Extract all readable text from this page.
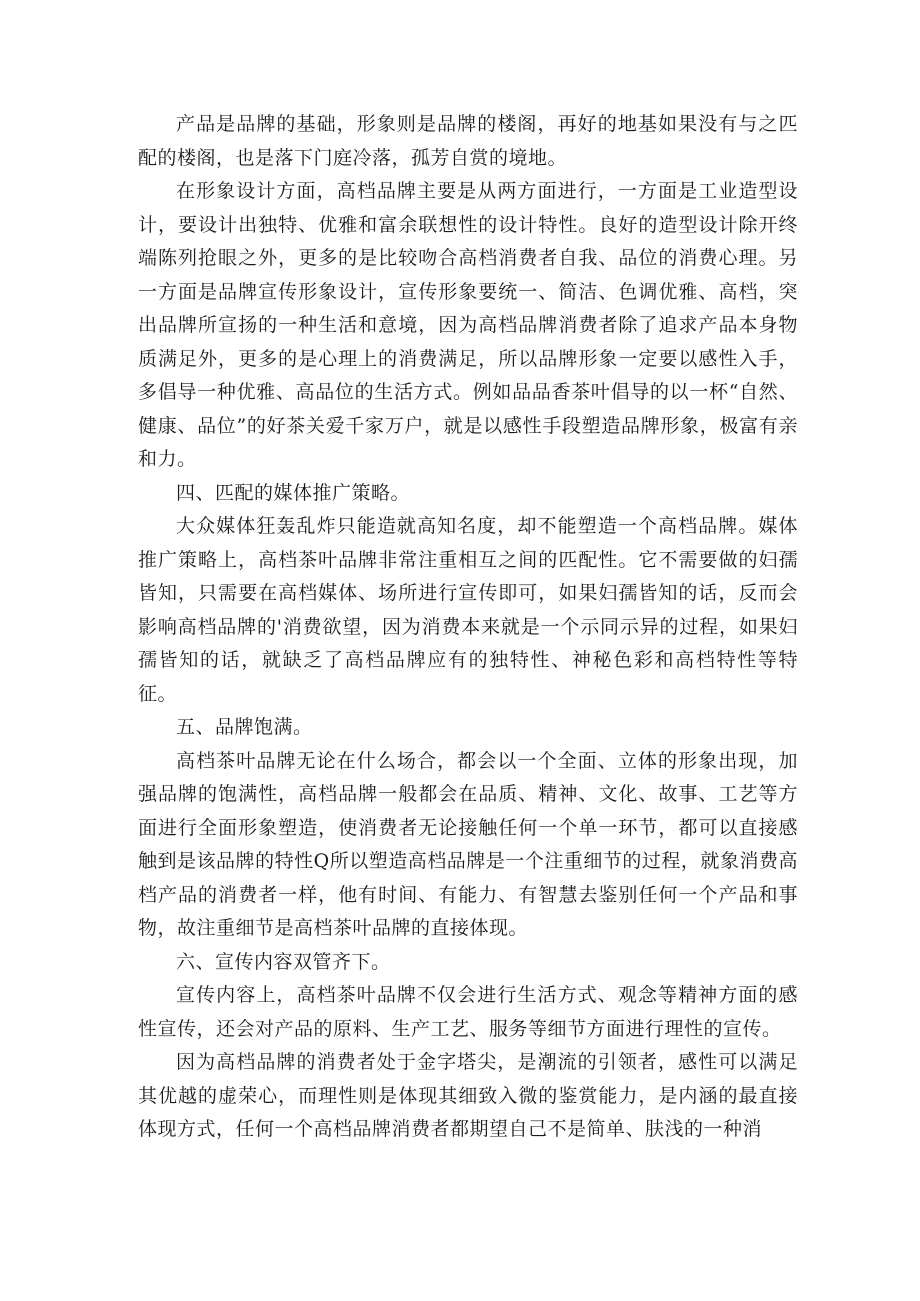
产品是品牌的基础，形象则是品牌的楼阁，再好的地基如果没有与之匹配的楼阁，也是落下门庭冷落，孤芳自赏的境地。

在形象设计方面，高档品牌主要是从两方面进行，一方面是工业造型设计，要设计出独特、优雅和富余联想性的设计特性。良好的造型设计除开终端陈列抢眼之外，更多的是比较吻合高档消费者自我、品位的消费心理。另一方面是品牌宣传形象设计，宣传形象要统一、简洁、色调优雅、高档，突出品牌所宣扬的一种生活和意境，因为高档品牌消费者除了追求产品本身物质满足外，更多的是心理上的消费满足，所以品牌形象一定要以感性入手，多倡导一种优雅、高品位的生活方式。例如品品香茶叶倡导的以一杯“自然、健康、品位”的好茶关爱千家万户，就是以感性手段塑造品牌形象，极富有亲和力。

四、匹配的媒体推广策略。

大众媒体狂轰乱炸只能造就高知名度，却不能塑造一个高档品牌。媒体推广策略上，高档茶叶品牌非常注重相互之间的匹配性。它不需要做的妇孺皆知，只需要在高档媒体、场所进行宣传即可，如果妇孺皆知的话，反而会影响高档品牌的'消费欲望，因为消费本来就是一个示同示异的过程，如果妇孺皆知的话，就缺乏了高档品牌应有的独特性、神秘色彩和高档特性等特征。

五、品牌饱满。

高档茶叶品牌无论在什么场合，都会以一个全面、立体的形象出现，加强品牌的饱满性，高档品牌一般都会在品质、精神、文化、故事、工艺等方面进行全面形象塑造，使消费者无论接触任何一个单一环节，都可以直接感触到是该品牌的特性Q所以塑造高档品牌是一个注重细节的过程，就象消费高档产品的消费者一样，他有时间、有能力、有智慧去鉴别任何一个产品和事物，故注重细节是高档茶叶品牌的直接体现。

六、宣传内容双管齐下。

宣传内容上，高档茶叶品牌不仅会进行生活方式、观念等精神方面的感性宣传，还会对产品的原料、生产工艺、服务等细节方面进行理性的宣传。

因为高档品牌的消费者处于金字塔尖，是潮流的引领者，感性可以满足其优越的虚荣心，而理性则是体现其细致入微的鉴赏能力，是内涵的最直接体现方式，任何一个高档品牌消费者都期望自己不是简单、肤浅的一种消
